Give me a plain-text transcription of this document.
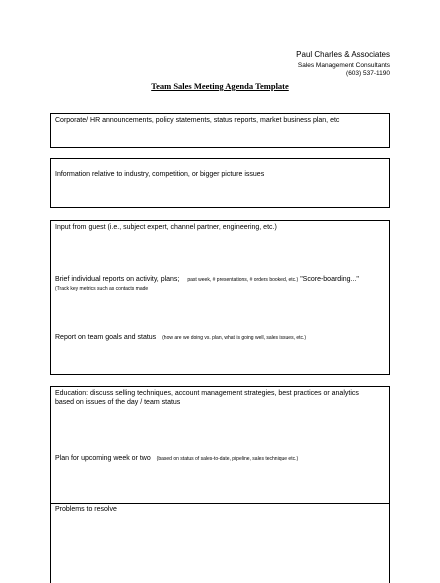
Paul Charles & Associates
Sales Management Consultants
(603) 537-1190
Team Sales Meeting Agenda Template
Corporate/ HR announcements, policy statements, status reports, market business plan, etc
Information relative to industry, competition, or bigger picture issues
Input from guest (i.e., subject expert, channel partner, engineering, etc.)
Brief individual reports on activity, plans; past week, # presentations, # orders booked, etc.) "Score-boarding..."
(Track key metrics such as contacts made
Report on team goals and status (how are we doing vs. plan, what is going well, sales issues, etc.)
Education: discuss selling techniques, account management strategies, best practices or analytics
based on issues of the day / team status
Plan for upcoming week or two (based on status of sales-to-date, pipeline, sales technique etc.)
Problems to resolve
